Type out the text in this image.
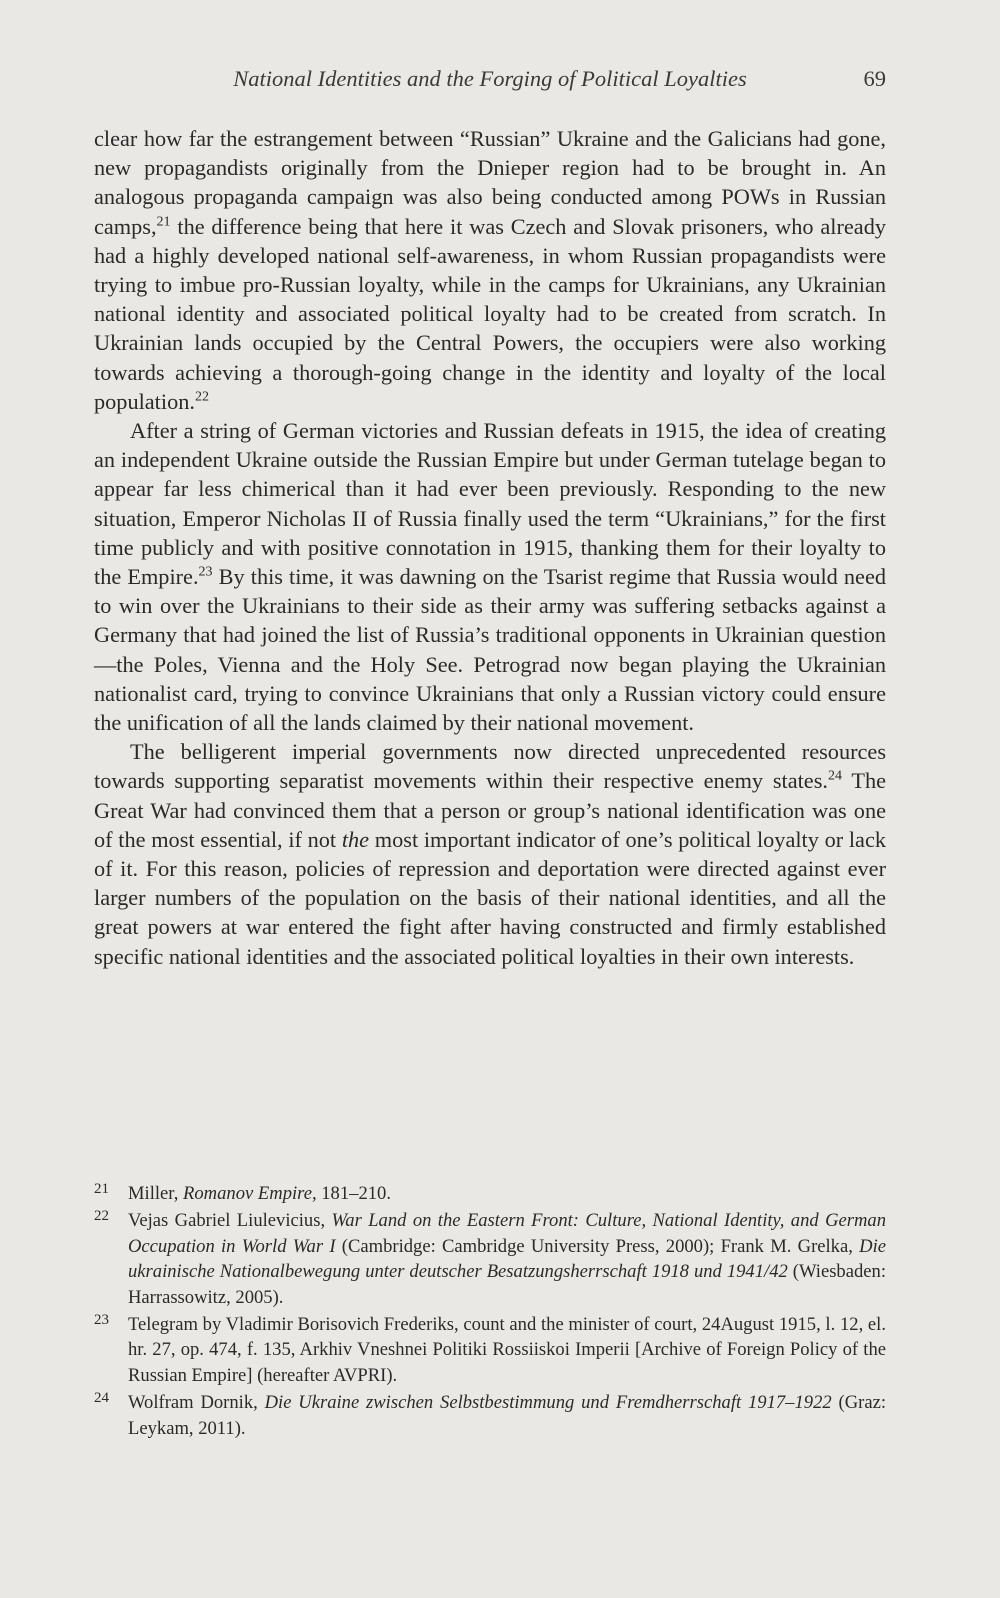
National Identities and the Forging of Political Loyalties	69

clear how far the estrangement between “Russian” Ukraine and the Galicians had gone, new propagandists originally from the Dnieper region had to be brought in. An analogous propaganda campaign was also being conducted among POWs in Russian camps,$^{21}$ the difference being that here it was Czech and Slovak prisoners, who already had a highly developed national self-awareness, in whom Russian propagandists were trying to imbue pro-Russian loyalty, while in the camps for Ukrainians, any Ukrainian national identity and associated political loyalty had to be created from scratch. In Ukrainian lands occupied by the Central Powers, the occupiers were also working towards achieving a thorough-going change in the identity and loyalty of the local population.$^{22}$

After a string of German victories and Russian defeats in 1915, the idea of creating an independent Ukraine outside the Russian Empire but under German tutelage began to appear far less chimerical than it had ever been previously. Responding to the new situation, Emperor Nicholas II of Russia finally used the term “Ukrainians,” for the first time publicly and with positive connotation in 1915, thanking them for their loyalty to the Empire.$^{23}$ By this time, it was dawning on the Tsarist regime that Russia would need to win over the Ukrainians to their side as their army was suffering setbacks against a Germany that had joined the list of Russia’s traditional opponents in Ukrainian question—the Poles, Vienna and the Holy See. Petrograd now began playing the Ukrainian nationalist card, trying to convince Ukrainians that only a Russian victory could ensure the unification of all the lands claimed by their national movement.

The belligerent imperial governments now directed unprecedented resources towards supporting separatist movements within their respective enemy states.$^{24}$ The Great War had convinced them that a person or group’s national identification was one of the most essential, if not the most important indicator of one’s political loyalty or lack of it. For this reason, policies of repression and deportation were directed against ever larger numbers of the population on the basis of their national identities, and all the great powers at war entered the fight after having constructed and firmly established specific national identities and the associated political loyalties in their own interests.

21 Miller, Romanov Empire, 181–210.
22 Vejas Gabriel Liulevicius, War Land on the Eastern Front: Culture, National Identity, and German Occupation in World War I (Cambridge: Cambridge University Press, 2000); Frank M. Grelka, Die ukrainische Nationalbewegung unter deutscher Besatzungsherrschaft 1918 und 1941/42 (Wiesbaden: Harrassowitz, 2005).
23 Telegram by Vladimir Borisovich Frederiks, count and the minister of court, 24August 1915, l. 12, el. hr. 27, op. 474, f. 135, Arkhiv Vneshnei Politiki Rossiiskoi Imperii [Archive of Foreign Policy of the Russian Empire] (hereafter AVPRI).
24 Wolfram Dornik, Die Ukraine zwischen Selbstbestimmung und Fremdherrschaft 1917–1922 (Graz: Leykam, 2011).
